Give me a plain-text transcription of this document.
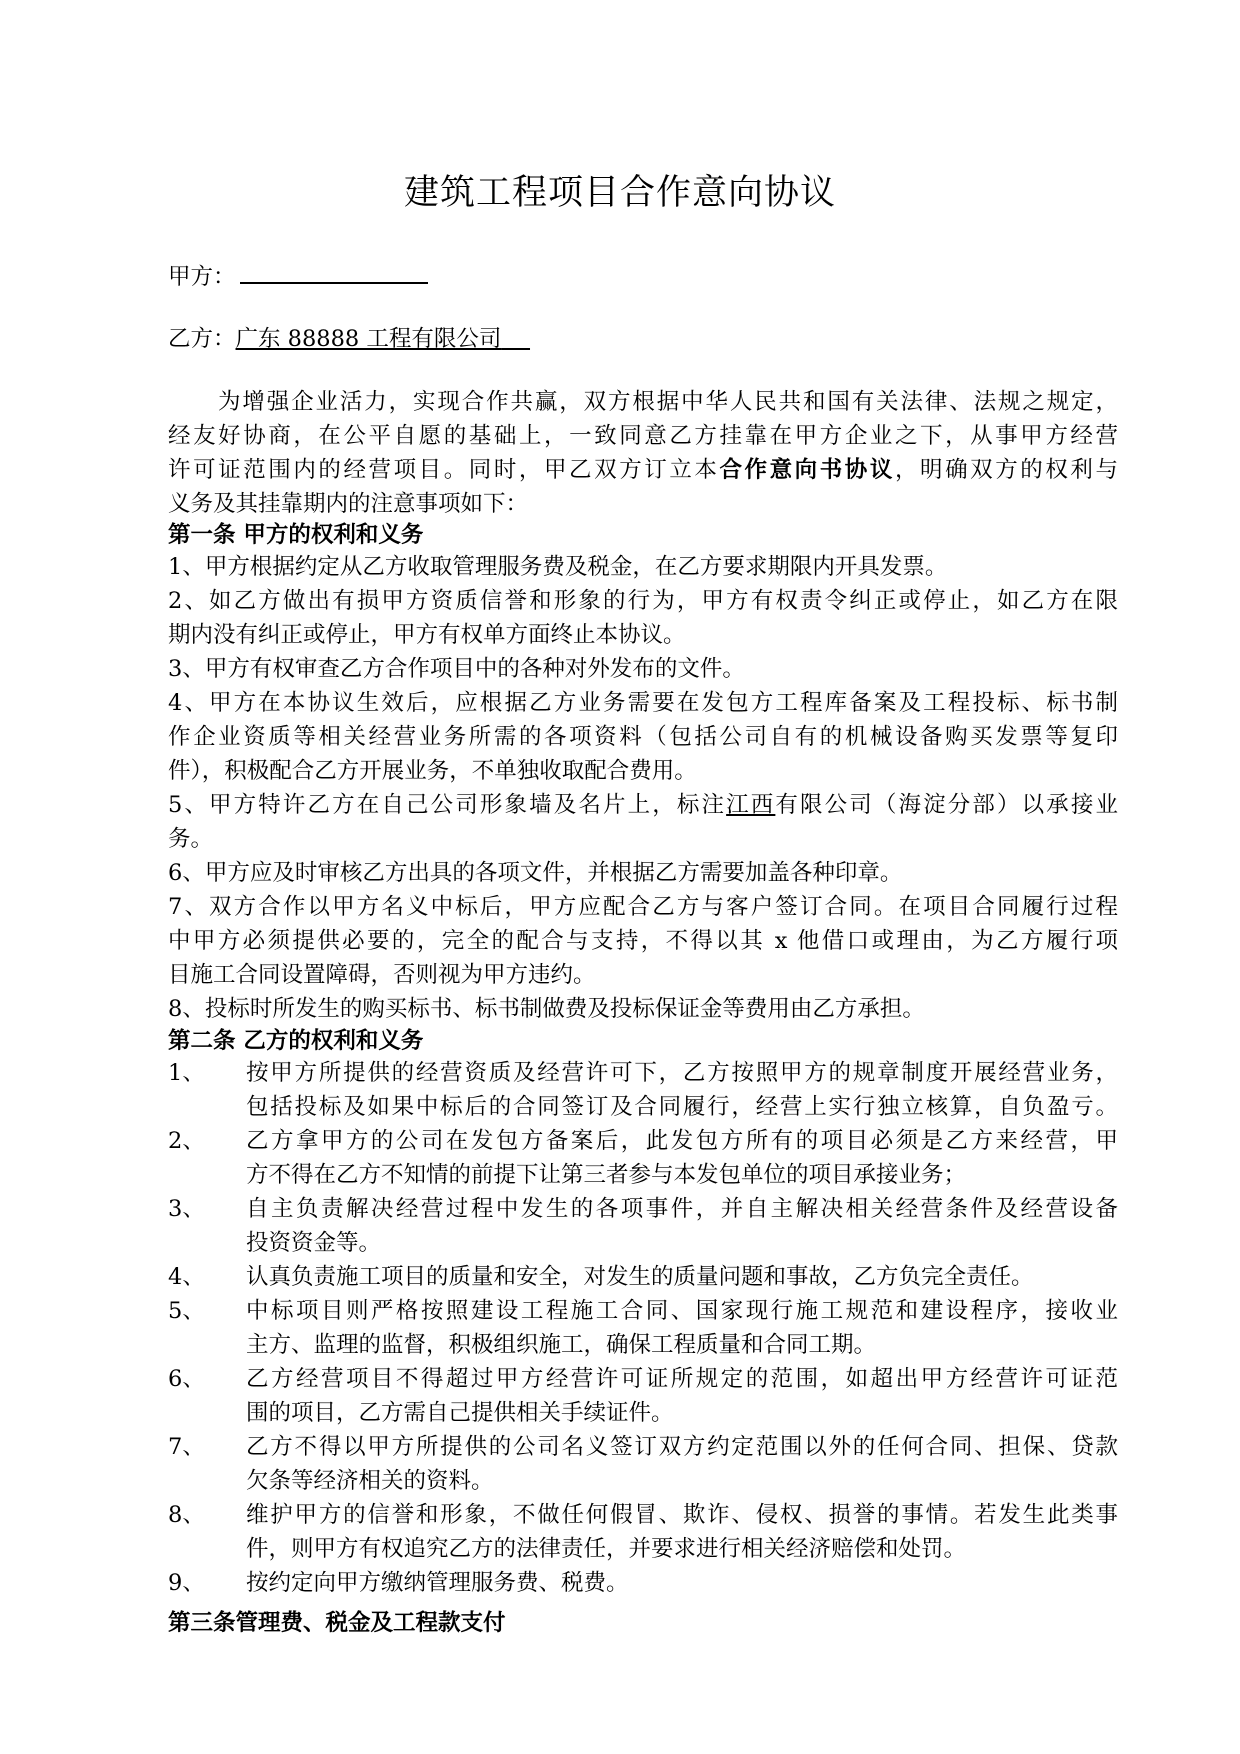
建筑工程项目合作意向协议
甲方：
乙方：广东 88888 工程有限公司
为增强企业活力，实现合作共赢，双方根据中华人民共和国有关法律、法规之规定，
经友好协商，在公平自愿的基础上，一致同意乙方挂靠在甲方企业之下，从事甲方经营
许可证范围内的经营项目。同时，甲乙双方订立本合作意向书协议，明确双方的权利与
义务及其挂靠期内的注意事项如下：
第一条 甲方的权利和义务
1、甲方根据约定从乙方收取管理服务费及税金，在乙方要求期限内开具发票。
2、如乙方做出有损甲方资质信誉和形象的行为，甲方有权责令纠正或停止，如乙方在限
期内没有纠正或停止，甲方有权单方面终止本协议。
3、甲方有权审查乙方合作项目中的各种对外发布的文件。
4、甲方在本协议生效后，应根据乙方业务需要在发包方工程库备案及工程投标、标书制
作企业资质等相关经营业务所需的各项资料（包括公司自有的机械设备购买发票等复印
件），积极配合乙方开展业务，不单独收取配合费用。
5、甲方特许乙方在自己公司形象墙及名片上，标注江西有限公司（海淀分部）以承接业
务。
6、甲方应及时审核乙方出具的各项文件，并根据乙方需要加盖各种印章。
7、双方合作以甲方名义中标后，甲方应配合乙方与客户签订合同。在项目合同履行过程
中甲方必须提供必要的，完全的配合与支持，不得以其 x 他借口或理由，为乙方履行项
目施工合同设置障碍，否则视为甲方违约。
8、投标时所发生的购买标书、标书制做费及投标保证金等费用由乙方承担。
第二条 乙方的权利和义务
1、 按甲方所提供的经营资质及经营许可下，乙方按照甲方的规章制度开展经营业务，
包括投标及如果中标后的合同签订及合同履行，经营上实行独立核算，自负盈亏。
2、 乙方拿甲方的公司在发包方备案后，此发包方所有的项目必须是乙方来经营，甲
方不得在乙方不知情的前提下让第三者参与本发包单位的项目承接业务；
3、 自主负责解决经营过程中发生的各项事件，并自主解决相关经营条件及经营设备
投资资金等。
4、 认真负责施工项目的质量和安全，对发生的质量问题和事故，乙方负完全责任。
5、 中标项目则严格按照建设工程施工合同、国家现行施工规范和建设程序，接收业
主方、监理的监督，积极组织施工，确保工程质量和合同工期。
6、 乙方经营项目不得超过甲方经营许可证所规定的范围，如超出甲方经营许可证范
围的项目，乙方需自己提供相关手续证件。
7、 乙方不得以甲方所提供的公司名义签订双方约定范围以外的任何合同、担保、贷款
欠条等经济相关的资料。
8、 维护甲方的信誉和形象，不做任何假冒、欺诈、侵权、损誉的事情。若发生此类事
件，则甲方有权追究乙方的法律责任，并要求进行相关经济赔偿和处罚。
9、 按约定向甲方缴纳管理服务费、税费。
第三条管理费、税金及工程款支付
